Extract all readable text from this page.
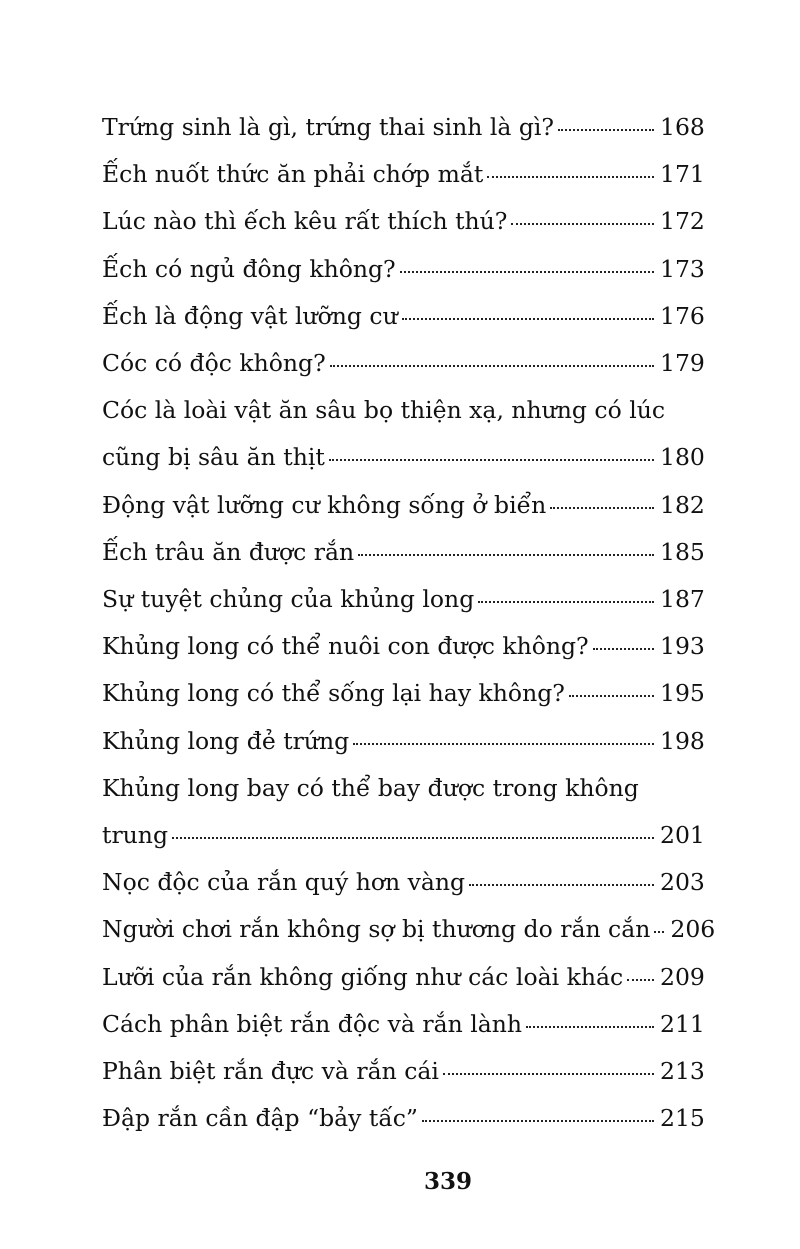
Trứng sinh là gì, trứng thai sinh là gì?	168
Ếch nuốt thức ăn phải chớp mắt	171
Lúc nào thì ếch kêu rất thích thú?	172
Ếch có ngủ đông không?	173
Ếch là động vật lưỡng cư	176
Cóc có độc không?	179
Cóc là loài vật ăn sâu bọ thiện xạ, nhưng có lúc
cũng bị sâu ăn thịt	180
Động vật lưỡng cư không sống ở biển	182
Ếch trâu ăn được rắn	185
Sự tuyệt chủng của khủng long	187
Khủng long có thể nuôi con được không?	193
Khủng long có thể sống lại hay không?	195
Khủng long đẻ trứng	198
Khủng long bay có thể bay được trong không
trung	201
Nọc độc của rắn quý hơn vàng	203
Người chơi rắn không sợ bị thương do rắn cắn 206
Lưỡi của rắn không giống như các loài khác 209
Cách phân biệt rắn độc và rắn lành	211
Phân biệt rắn đực và rắn cái	213
Đập rắn cần đập “bảy tấc”	215
339
